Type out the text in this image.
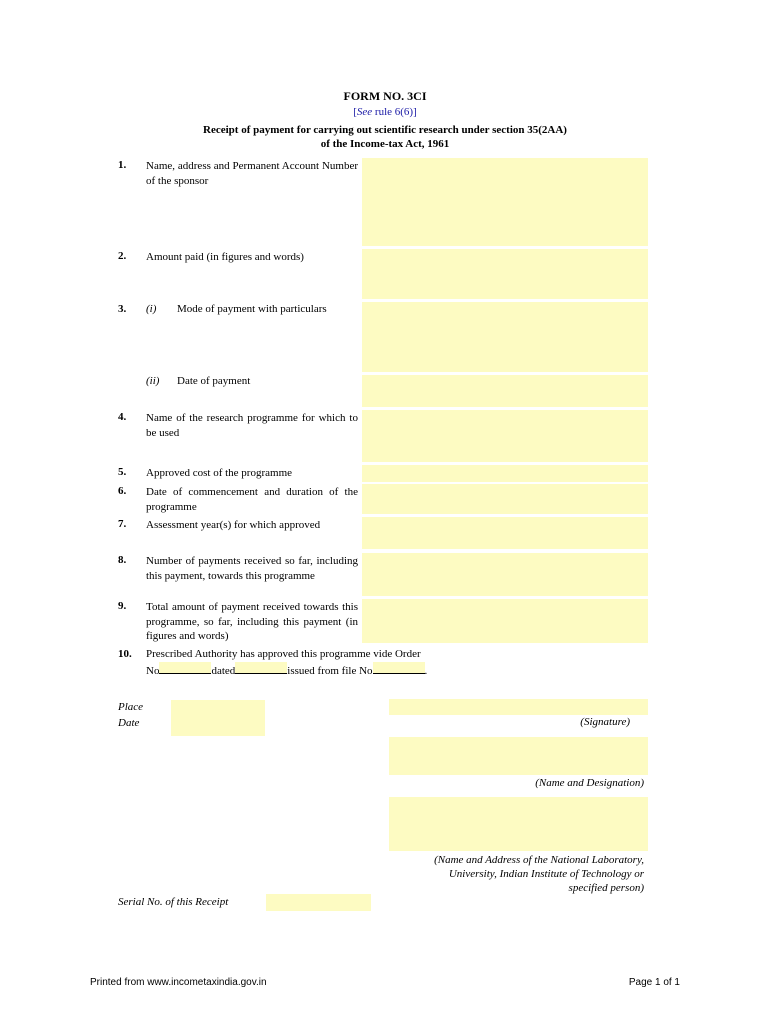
FORM NO. 3CI
[See rule 6(6)]
Receipt of payment for carrying out scientific research under section 35(2AA)
of the Income-tax Act, 1961
1. Name, address and Permanent Account Number of the sponsor
2. Amount paid (in figures and words)
3. (i) Mode of payment with particulars
(ii) Date of payment
4. Name of the research programme for which to be used
5. Approved cost of the programme
6. Date of commencement and duration of the programme
7. Assessment year(s) for which approved
8. Number of payments received so far, including this payment, towards this programme
9. Total amount of payment received towards this programme, so far, including this payment (in figures and words)
10. Prescribed Authority has approved this programme vide Order
No	dated	issued from file No	.
Place
Date	(Signature)
(Name and Designation)
(Name and Address of the National Laboratory,
University, Indian Institute of Technology or
specified person)
Serial No. of this Receipt
Printed from www.incometaxindia.gov.in	Page 1 of 1
